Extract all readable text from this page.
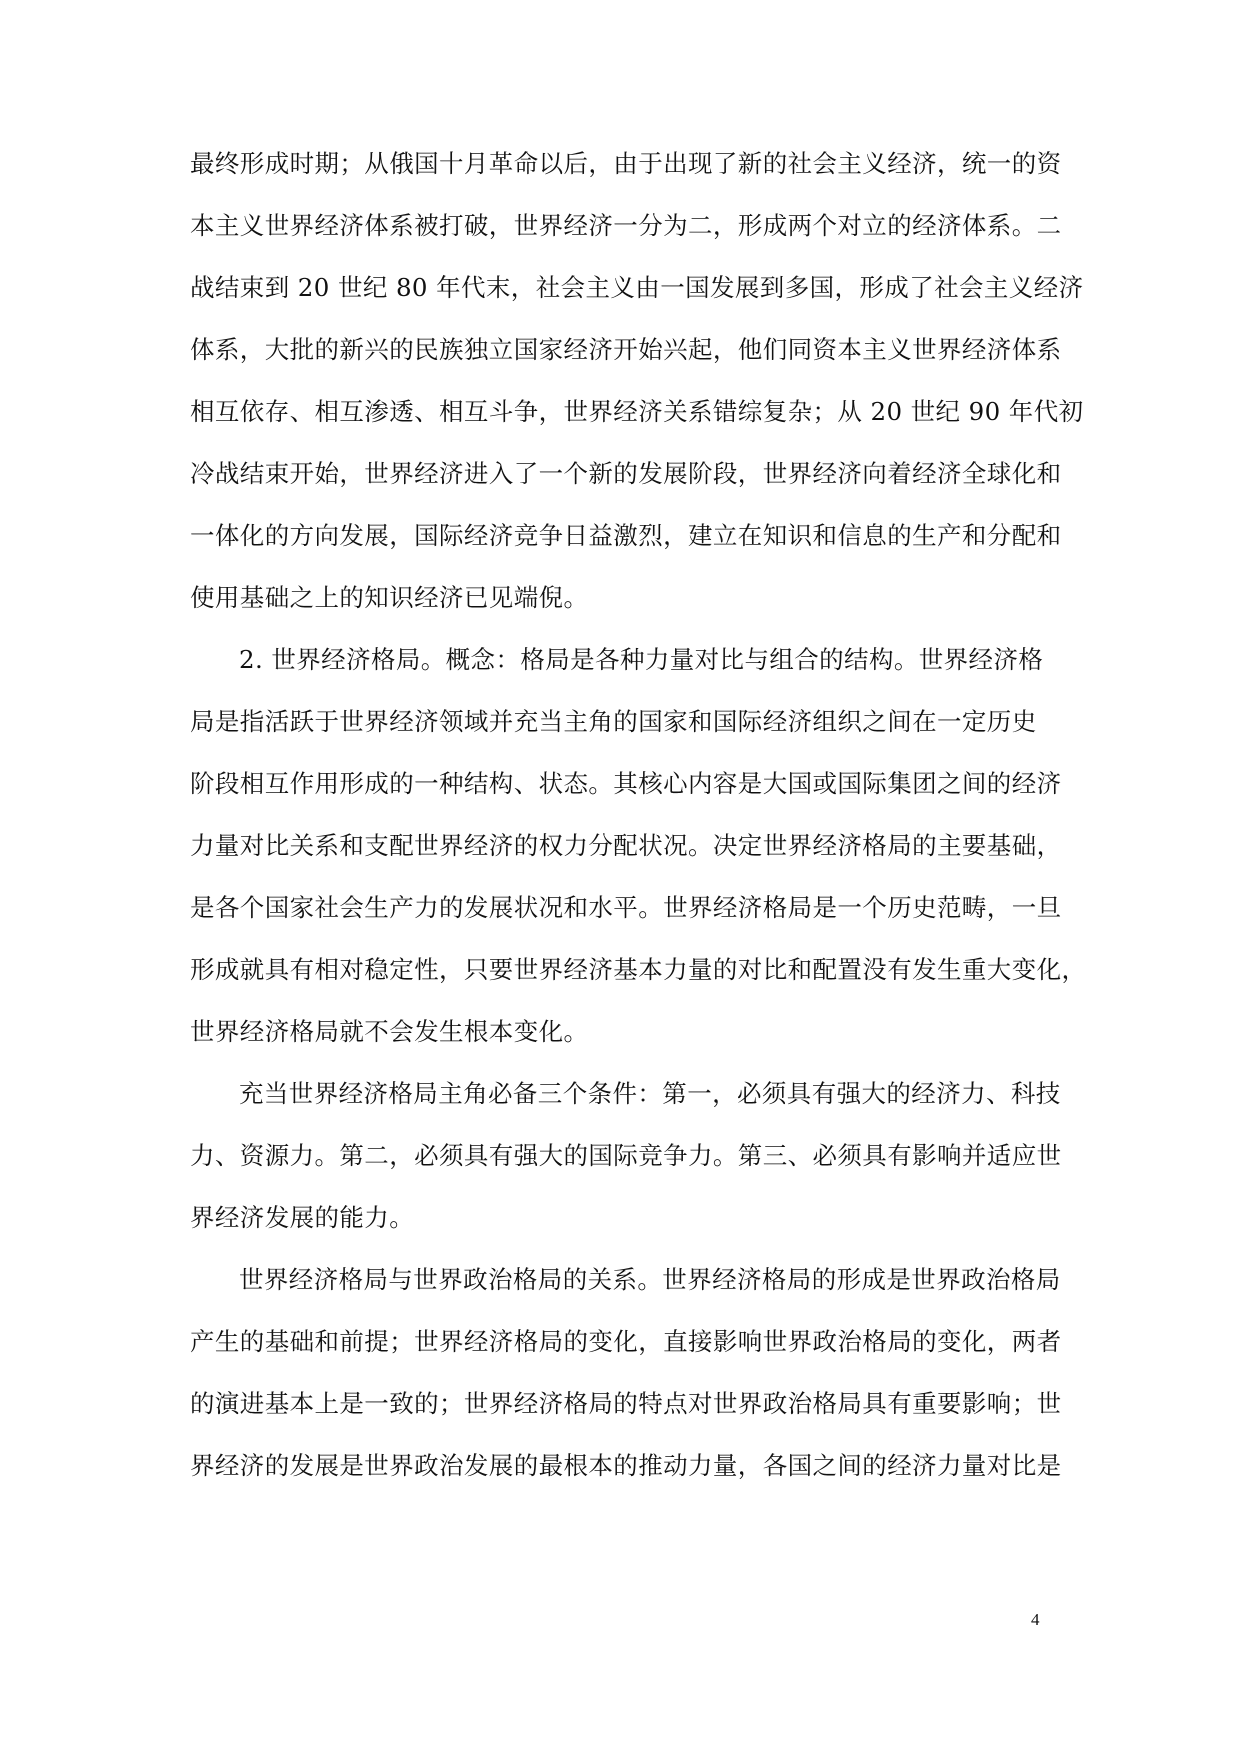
最终形成时期；从俄国十月革命以后，由于出现了新的社会主义经济，统一的资
本主义世界经济体系被打破，世界经济一分为二，形成两个对立的经济体系。二
战结束到 20 世纪 80 年代末，社会主义由一国发展到多国，形成了社会主义经济
体系，大批的新兴的民族独立国家经济开始兴起，他们同资本主义世界经济体系
相互依存、相互渗透、相互斗争，世界经济关系错综复杂；从 20 世纪 90 年代初
冷战结束开始，世界经济进入了一个新的发展阶段，世界经济向着经济全球化和
一体化的方向发展，国际经济竞争日益激烈，建立在知识和信息的生产和分配和
使用基础之上的知识经济已见端倪。
2. 世界经济格局。概念：格局是各种力量对比与组合的结构。世界经济格
局是指活跃于世界经济领域并充当主角的国家和国际经济组织之间在一定历史
阶段相互作用形成的一种结构、状态。其核心内容是大国或国际集团之间的经济
力量对比关系和支配世界经济的权力分配状况。决定世界经济格局的主要基础，
是各个国家社会生产力的发展状况和水平。世界经济格局是一个历史范畴，一旦
形成就具有相对稳定性，只要世界经济基本力量的对比和配置没有发生重大变化，
世界经济格局就不会发生根本变化。
充当世界经济格局主角必备三个条件：第一，必须具有强大的经济力、科技
力、资源力。第二，必须具有强大的国际竞争力。第三、必须具有影响并适应世
界经济发展的能力。
世界经济格局与世界政治格局的关系。世界经济格局的形成是世界政治格局
产生的基础和前提；世界经济格局的变化，直接影响世界政治格局的变化，两者
的演进基本上是一致的；世界经济格局的特点对世界政治格局具有重要影响；世
界经济的发展是世界政治发展的最根本的推动力量，各国之间的经济力量对比是
4
